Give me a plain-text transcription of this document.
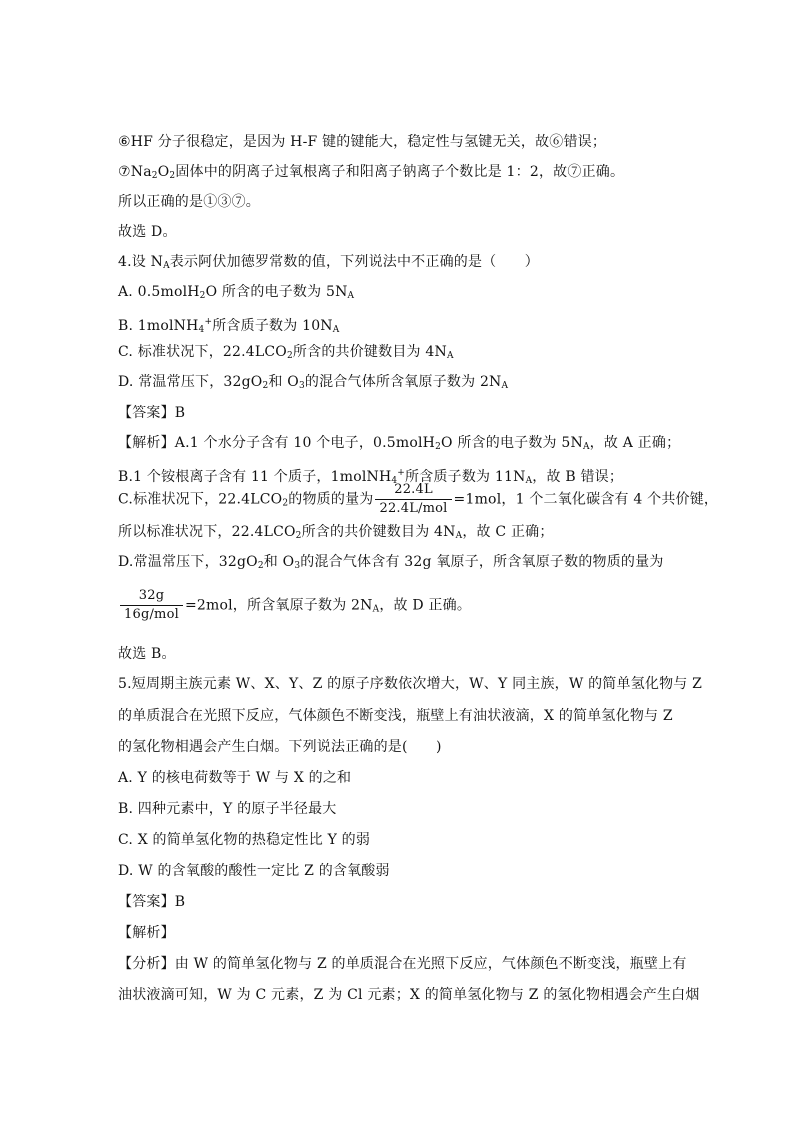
⑥HF 分子很稳定，是因为 H-F 键的键能大，稳定性与氢键无关，故⑥错误；
$⑦Na_2O_2$固体中的阴离子过氧根离子和阳离子钠离子个数比是 1：2，故⑦正确。
所以正确的是①③⑦。
故选 D。
4.设 $N_A$表示阿伏加德罗常数的值，下列说法中不正确的是（　　）
A. 0.5molH$_2$O 所含的电子数为 $5N_A$
B. 1molNH$_4$+所含质子数为 $10N_A$
C. 标准状况下，$22.4LCO_2$所含的共价键数目为 $4N_A$
D. 常温常压下，$32gO_2$和 $O_3$的混合气体所含氧原子数为 $2N_A$
【答案】B
【解析】A.1 个水分子含有 10 个电子，0.5molH$_2$O 所含的电子数为 $5N_A$，故 A 正确；
B.1 个铵根离子含有 11 个质子，1molNH$_4$+所含质子数为 $11N_A$，故 B 错误；
C.标准状况下，$22.4LCO_2$的物质的量为 $\frac{22.4L}{\text{22.4L/mol}} =1mol$，1 个二氧化碳含有 4 个共价键，
所以标准状况下，$22.4LCO_2$所含的共价键数目为 $4N_A$，故 C 正确；
D.常温常压下，$32gO_2$和 $O_3$的混合气体含有 32g 氧原子，所含氧原子数的物质的量为
$\frac{32g}{\text{16g/mol}} =2mol$，所含氧原子数为 $2N_A$，故 D 正确。
故选 B。
5.短周期主族元素 W、X、Y、Z 的原子序数依次增大，W、Y 同主族，W 的简单氢化物与 Z
的单质混合在光照下反应，气体颜色不断变浅，瓶壁上有油状液滴，X 的简单氢化物与 Z
的氢化物相遇会产生白烟。下列说法正确的是(　　)
A. Y 的核电荷数等于 W 与 X 的之和
B. 四种元素中，Y 的原子半径最大
C. X 的简单氢化物的热稳定性比 Y 的弱
D. W 的含氧酸的酸性一定比 Z 的含氧酸弱
【答案】B
【解析】
【分析】由 W 的简单氢化物与 Z 的单质混合在光照下反应，气体颜色不断变浅，瓶壁上有
油状液滴可知，W 为 C 元素，Z 为 Cl 元素；X 的简单氢化物与 Z 的氢化物相遇会产生白烟
